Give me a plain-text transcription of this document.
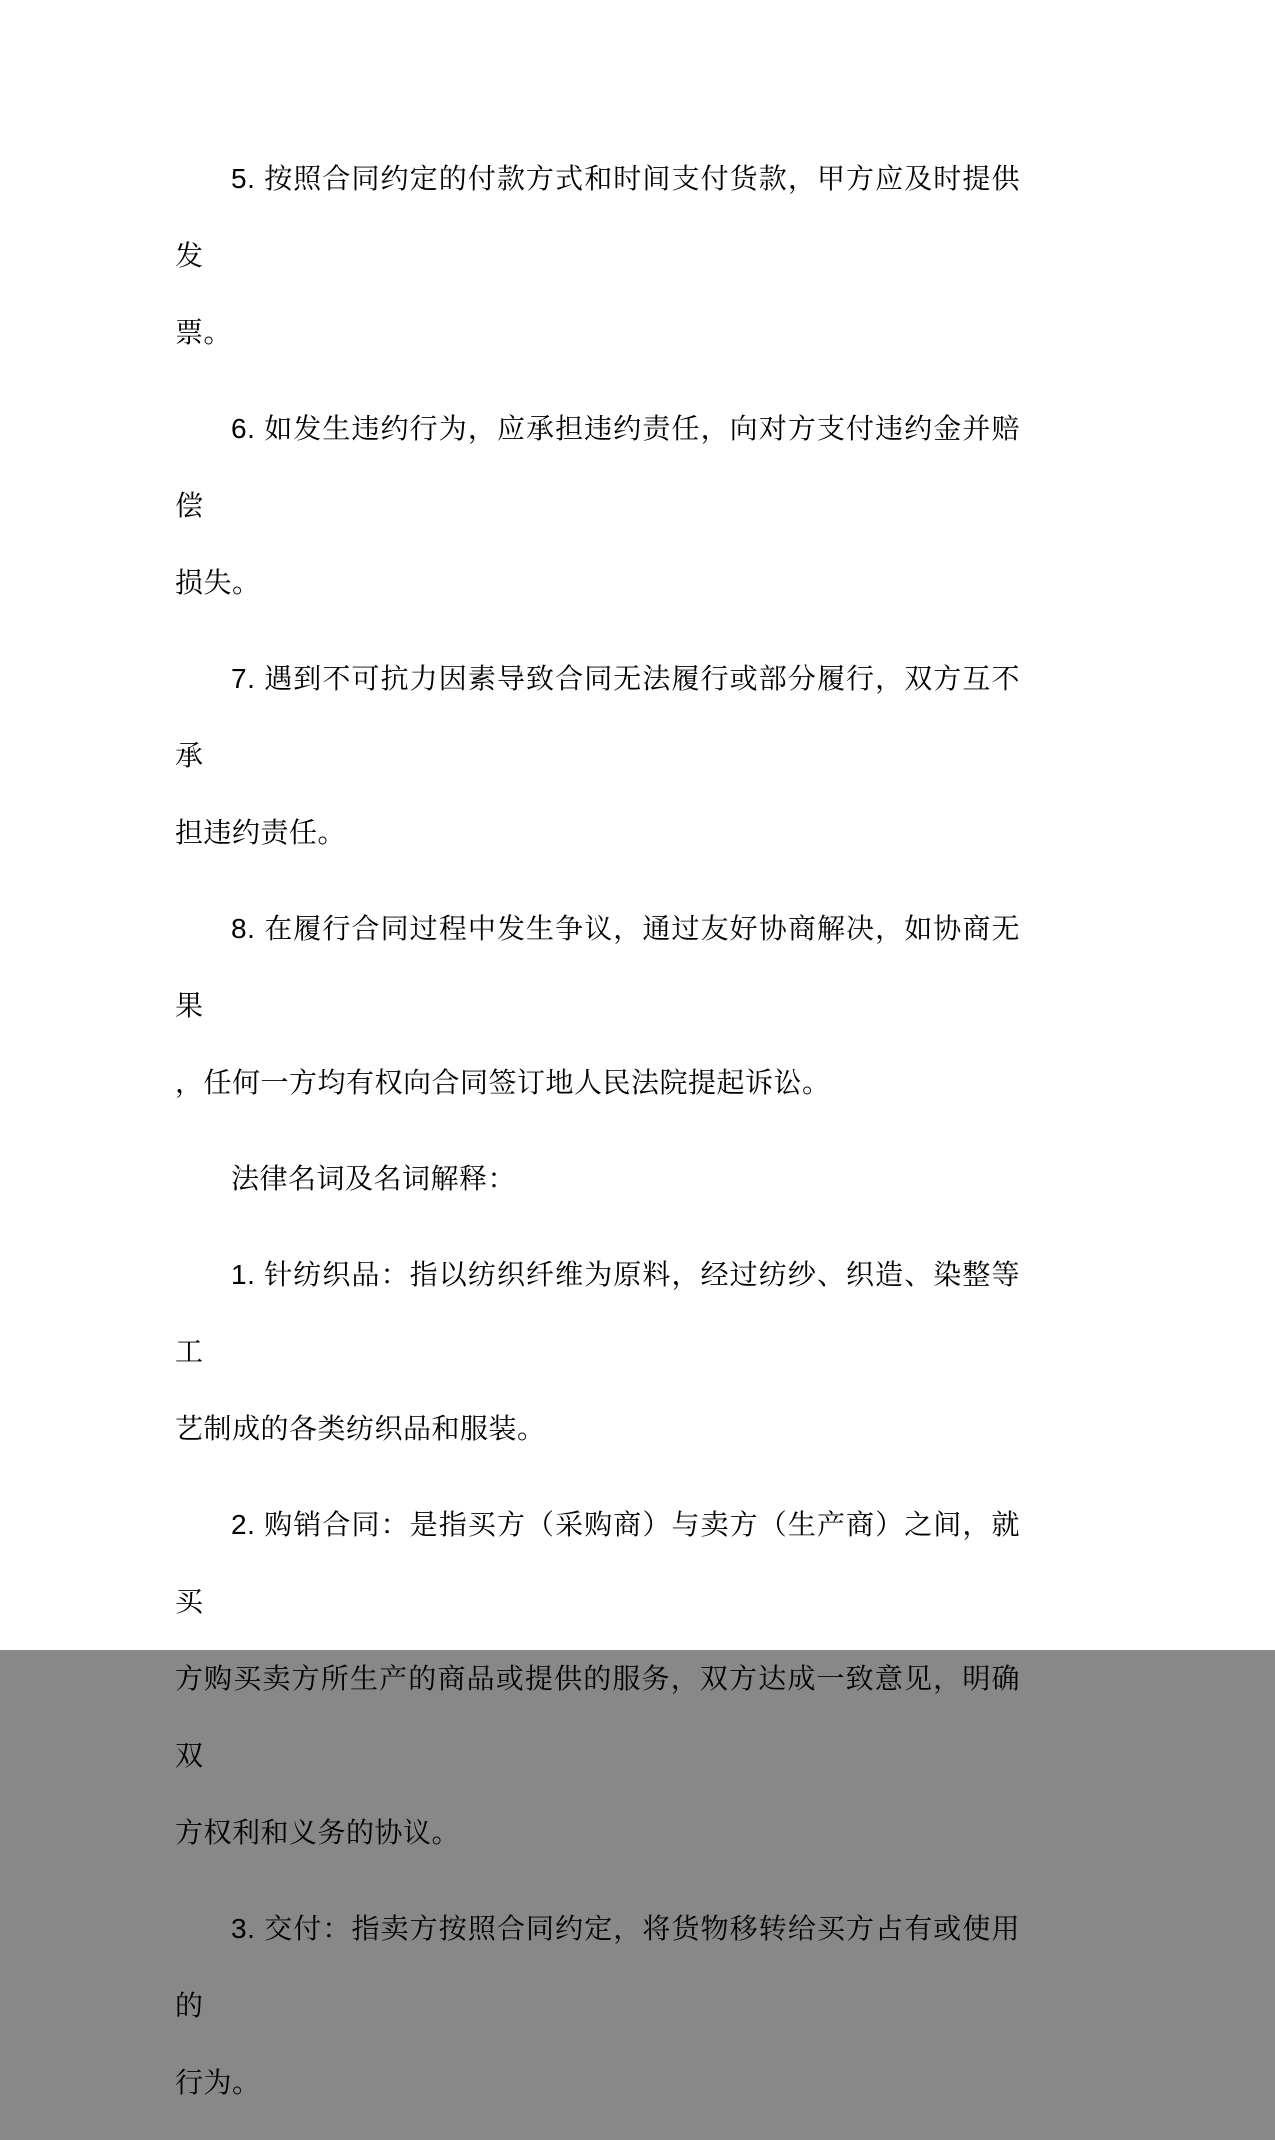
5. 按照合同约定的付款方式和时间支付货款，甲方应及时提供发
票。
6. 如发生违约行为，应承担违约责任，向对方支付违约金并赔偿
损失。
7. 遇到不可抗力因素导致合同无法履行或部分履行，双方互不承
担违约责任。
8. 在履行合同过程中发生争议，通过友好协商解决，如协商无果
，任何一方均有权向合同签订地人民法院提起诉讼。
法律名词及名词解释：
1. 针纺织品：指以纺织纤维为原料，经过纺纱、织造、染整等工
艺制成的各类纺织品和服装。
2. 购销合同：是指买方（采购商）与卖方（生产商）之间，就买
方购买卖方所生产的商品或提供的服务，双方达成一致意见，明确双
方权利和义务的协议。
3. 交付：指卖方按照合同约定，将货物移转给买方占有或使用的
行为。
